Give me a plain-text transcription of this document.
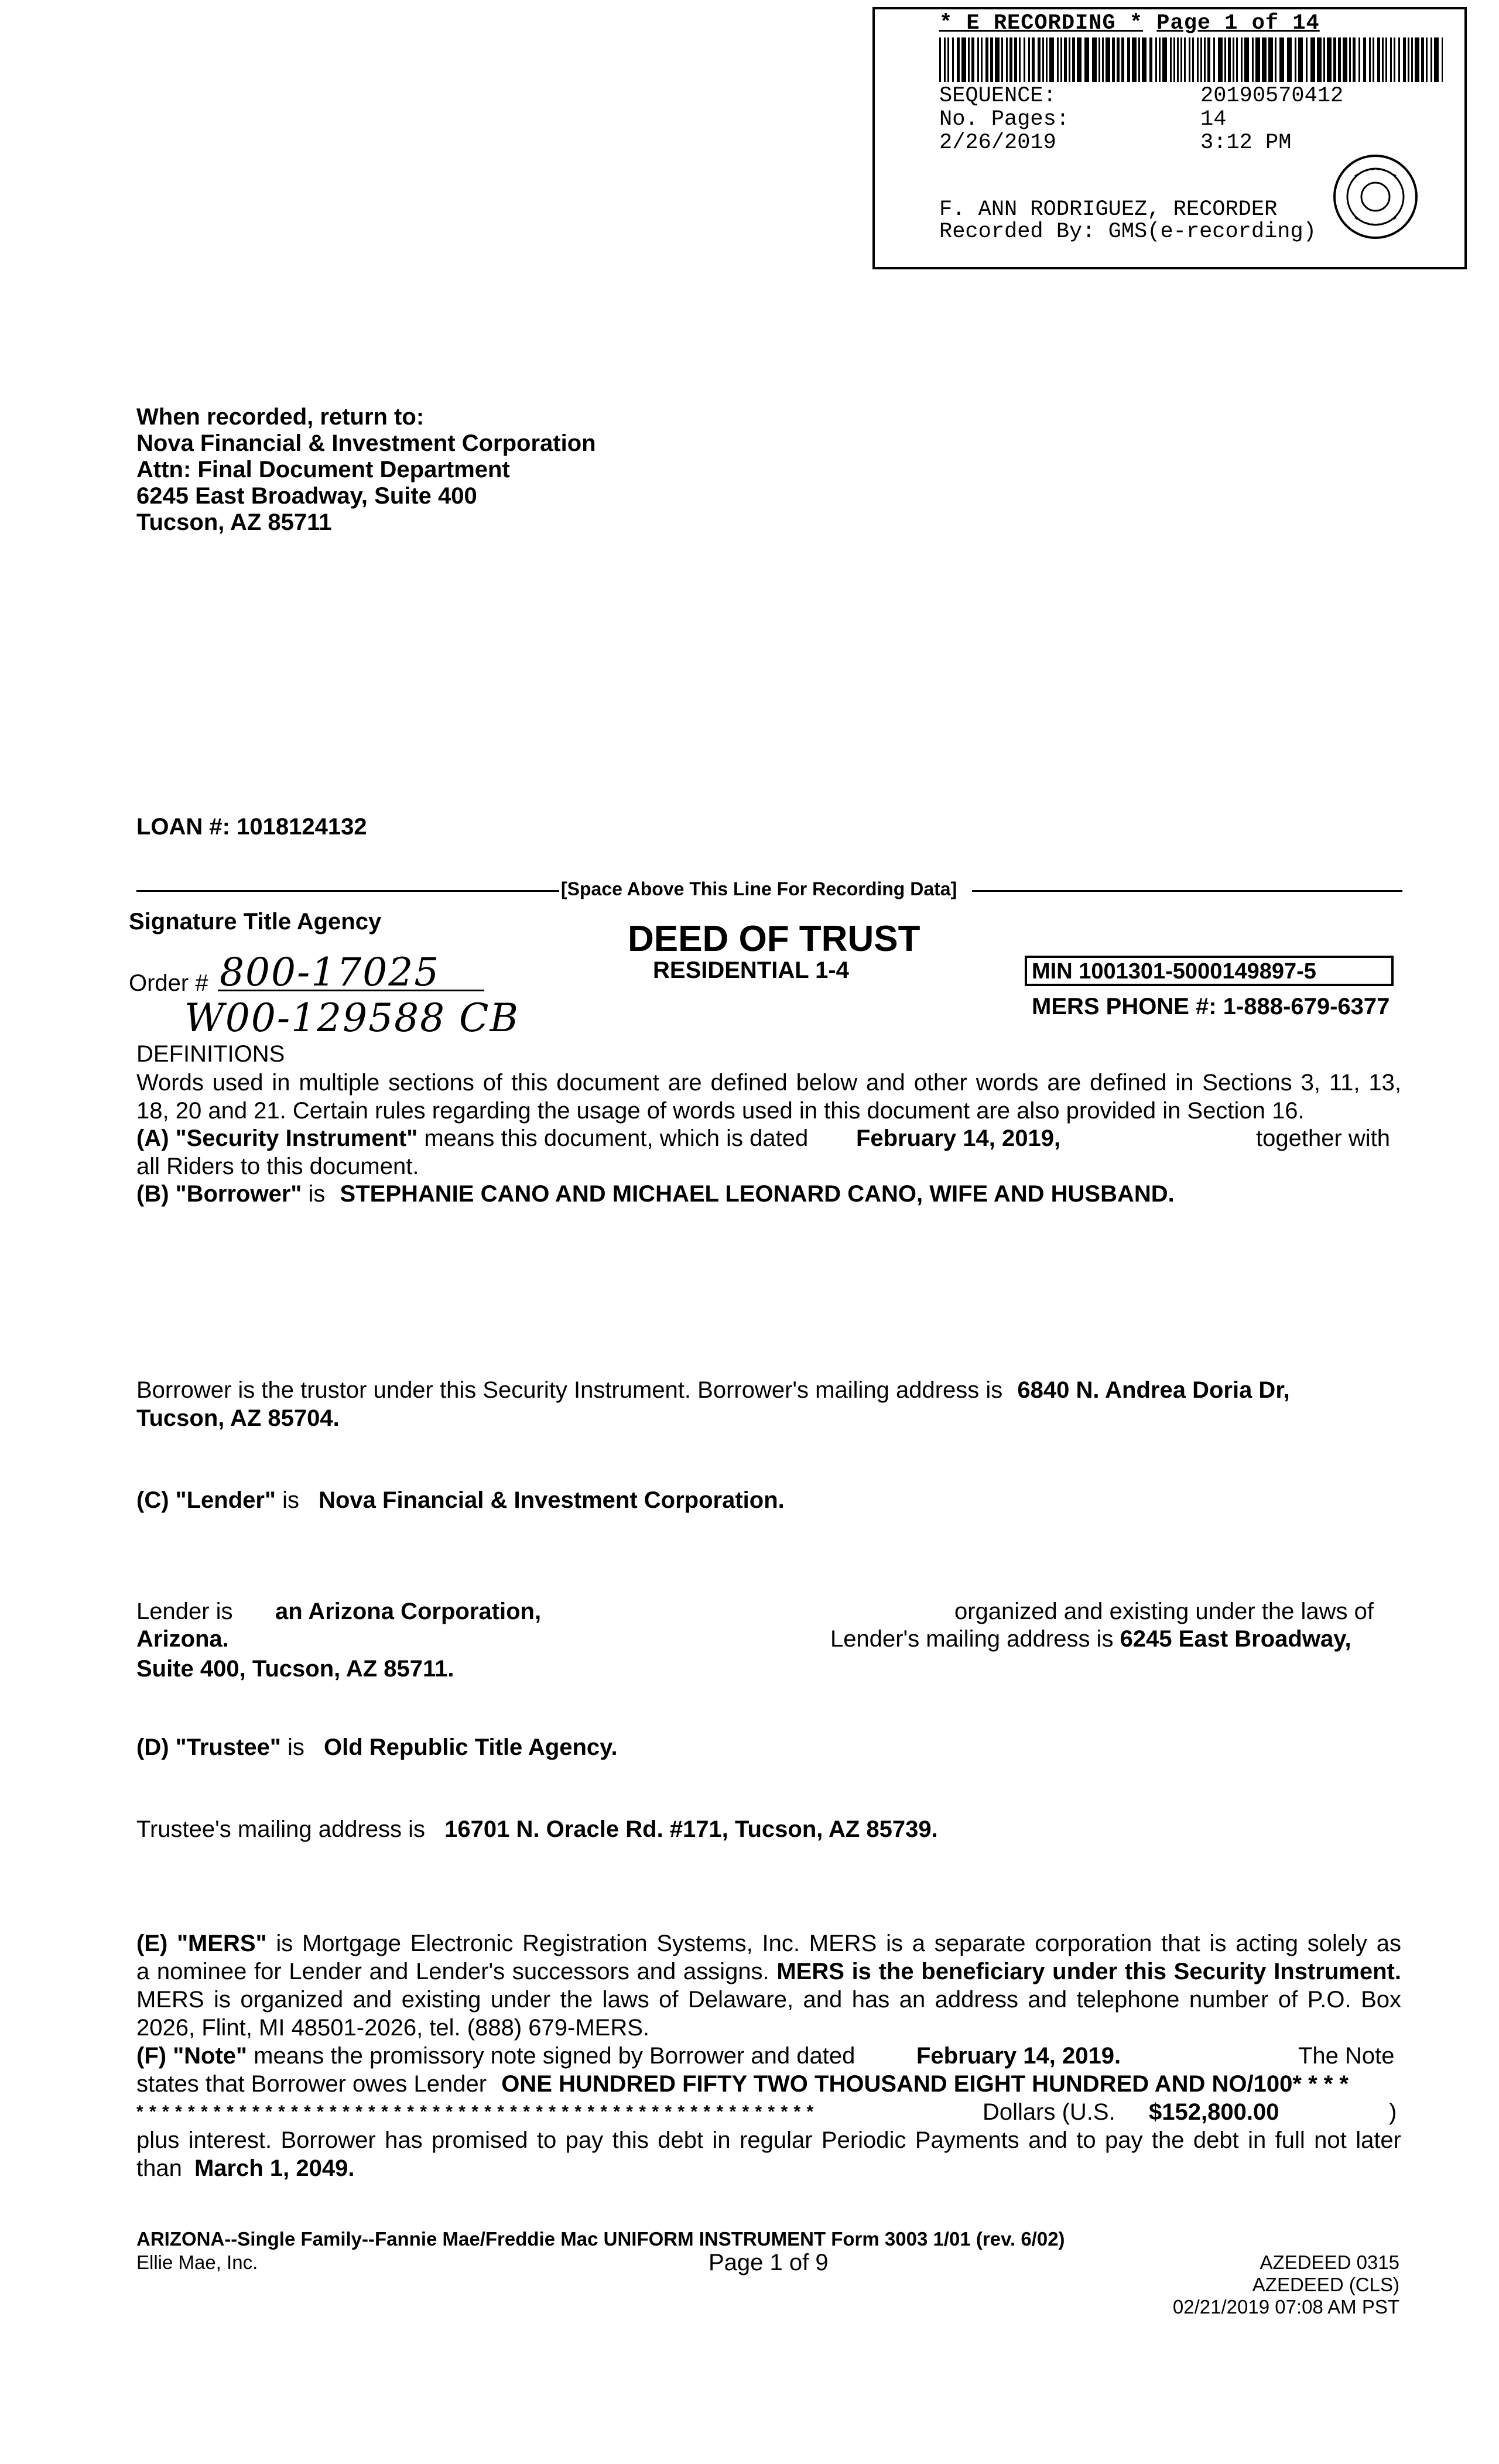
* E RECORDING * Page 1 of 14
SEQUENCE:	20190570412
No. Pages:	14
2/26/2019	3:12 PM
F. ANN RODRIGUEZ, RECORDER
Recorded By: GMS(e-recording)
When recorded, return to:
Nova Financial & Investment Corporation
Attn: Final Document Department
6245 East Broadway, Suite 400
Tucson, AZ 85711
LOAN #: 1018124132
[Space Above This Line For Recording Data]
Signature Title Agency
Order # 800-17025
W00-129588 CB
DEED OF TRUST
RESIDENTIAL 1-4	MIN 1001301-5000149897-5
MERS PHONE #: 1-888-679-6377
DEFINITIONS
Words used in multiple sections of this document are defined below and other words are defined in Sections 3, 11, 13,
18, 20 and 21. Certain rules regarding the usage of words used in this document are also provided in Section 16.
(A) "Security Instrument" means this document, which is dated February 14, 2019,	together with
all Riders to this document.
(B) "Borrower" is STEPHANIE CANO AND MICHAEL LEONARD CANO, WIFE AND HUSBAND.
Borrower is the trustor under this Security Instrument. Borrower's mailing address is 6840 N. Andrea Doria Dr,
Tucson, AZ 85704.
(C) "Lender" is Nova Financial & Investment Corporation.
Lender is an Arizona Corporation,	organized and existing under the laws of
Arizona.	Lender's mailing address is 6245 East Broadway,
Suite 400, Tucson, AZ 85711.
(D) "Trustee" is Old Republic Title Agency.
Trustee's mailing address is 16701 N. Oracle Rd. #171, Tucson, AZ 85739.
(E) "MERS" is Mortgage Electronic Registration Systems, Inc. MERS is a separate corporation that is acting solely as
a nominee for Lender and Lender's successors and assigns. MERS is the beneficiary under this Security Instrument.
MERS is organized and existing under the laws of Delaware, and has an address and telephone number of P.O. Box
2026, Flint, MI 48501-2026, tel. (888) 679-MERS.
(F) "Note" means the promissory note signed by Borrower and dated	February 14, 2019.	The Note
states that Borrower owes Lender ONE HUNDRED FIFTY TWO THOUSAND EIGHT HUNDRED AND NO/100* * * *
* * * * * * * * * * * * * * * * * * * * * * * * * * * * * * * * * * * * * * * * * * * * * * * * * * * * *	Dollars (U.S. $152,800.00	)
plus interest. Borrower has promised to pay this debt in regular Periodic Payments and to pay the debt in full not later
than March 1, 2049.
ARIZONA--Single Family--Fannie Mae/Freddie Mac UNIFORM INSTRUMENT Form 3003 1/01 (rev. 6/02)
Ellie Mae, Inc.	Page 1 of 9	AZEDEED 0315
AZEDEED (CLS)
02/21/2019 07:08 AM PST
